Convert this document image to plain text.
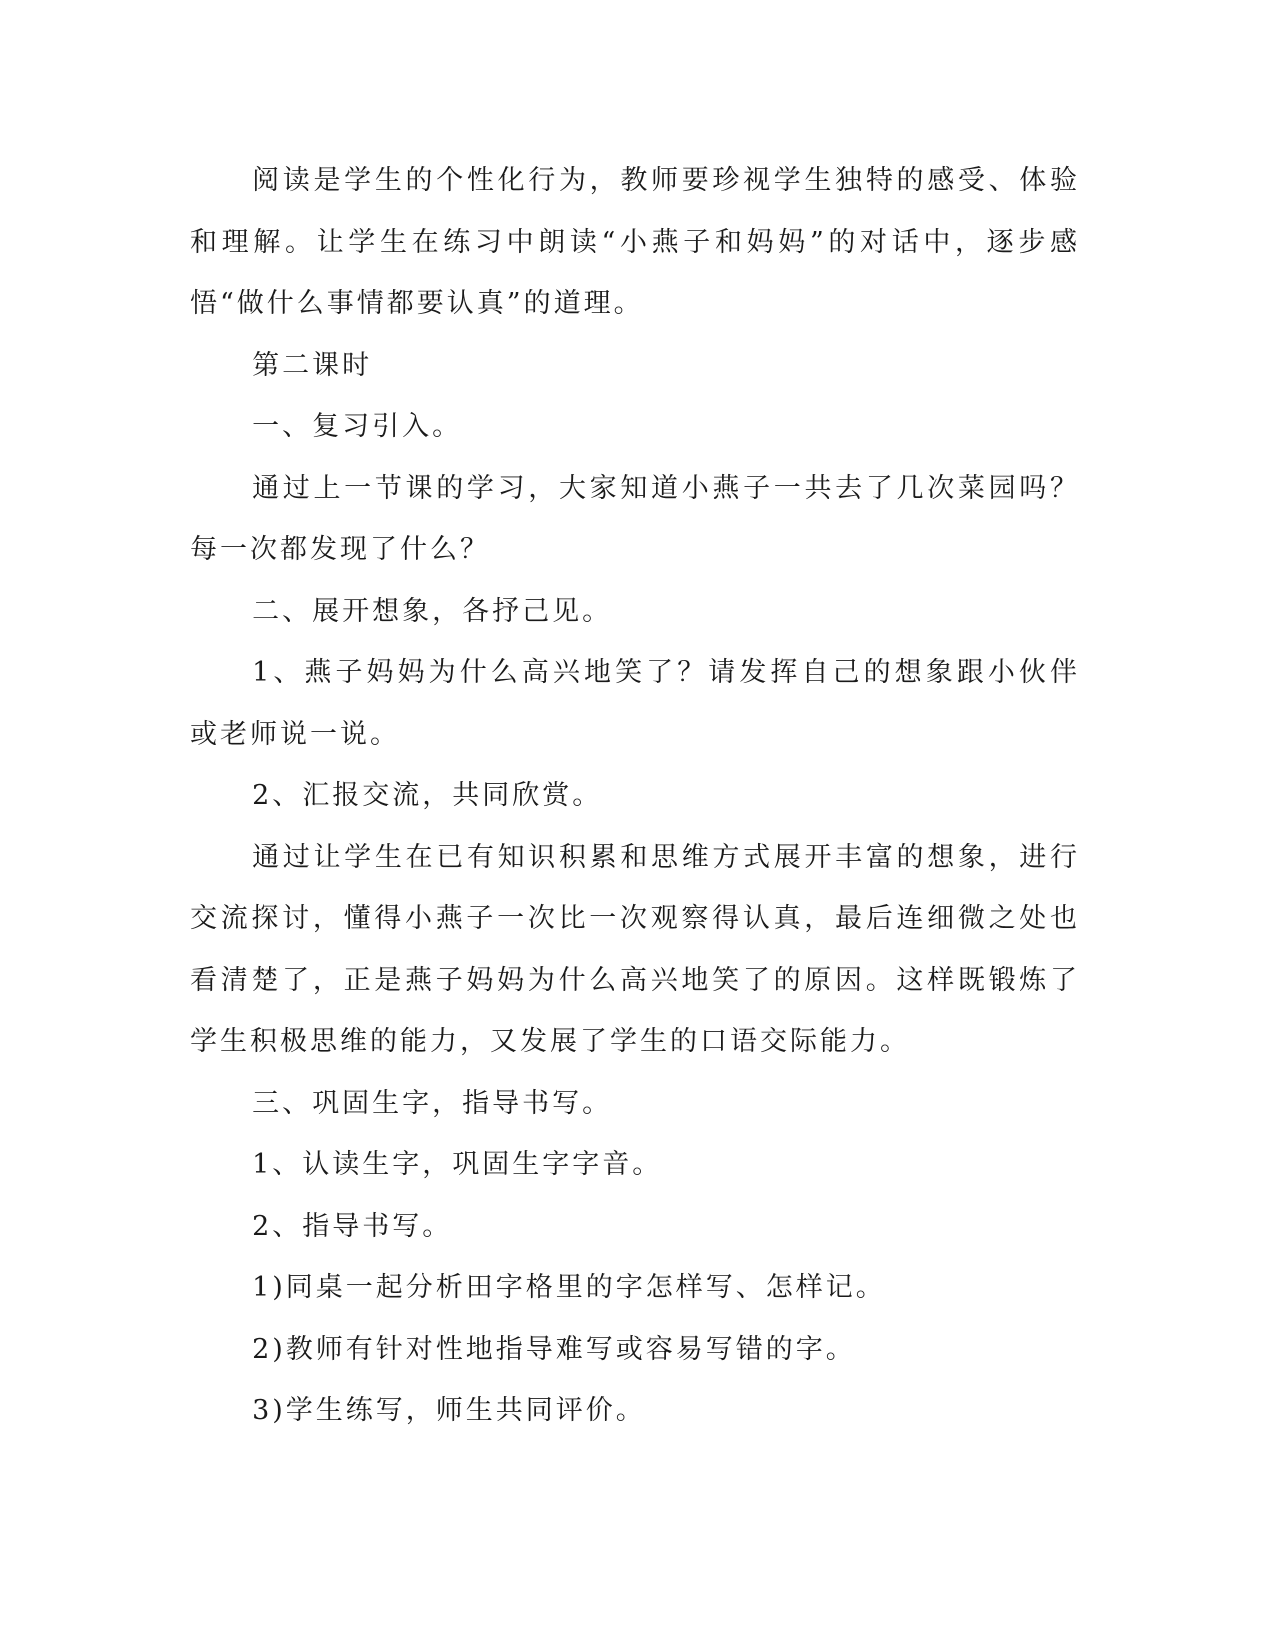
阅读是学生的个性化行为，教师要珍视学生独特的感受、体验和理解。让学生在练习中朗读“小燕子和妈妈”的对话中，逐步感悟“做什么事情都要认真”的道理。

第二课时

一、复习引入。

通过上一节课的学习，大家知道小燕子一共去了几次菜园吗？每一次都发现了什么？

二、展开想象，各抒己见。

1、燕子妈妈为什么高兴地笑了？请发挥自己的想象跟小伙伴或老师说一说。

2、汇报交流，共同欣赏。

通过让学生在已有知识积累和思维方式展开丰富的想象，进行交流探讨，懂得小燕子一次比一次观察得认真，最后连细微之处也看清楚了，正是燕子妈妈为什么高兴地笑了的原因。这样既锻炼了学生积极思维的能力，又发展了学生的口语交际能力。

三、巩固生字，指导书写。

1、认读生字，巩固生字字音。

2、指导书写。

1)同桌一起分析田字格里的字怎样写、怎样记。

2)教师有针对性地指导难写或容易写错的字。

3)学生练写，师生共同评价。
